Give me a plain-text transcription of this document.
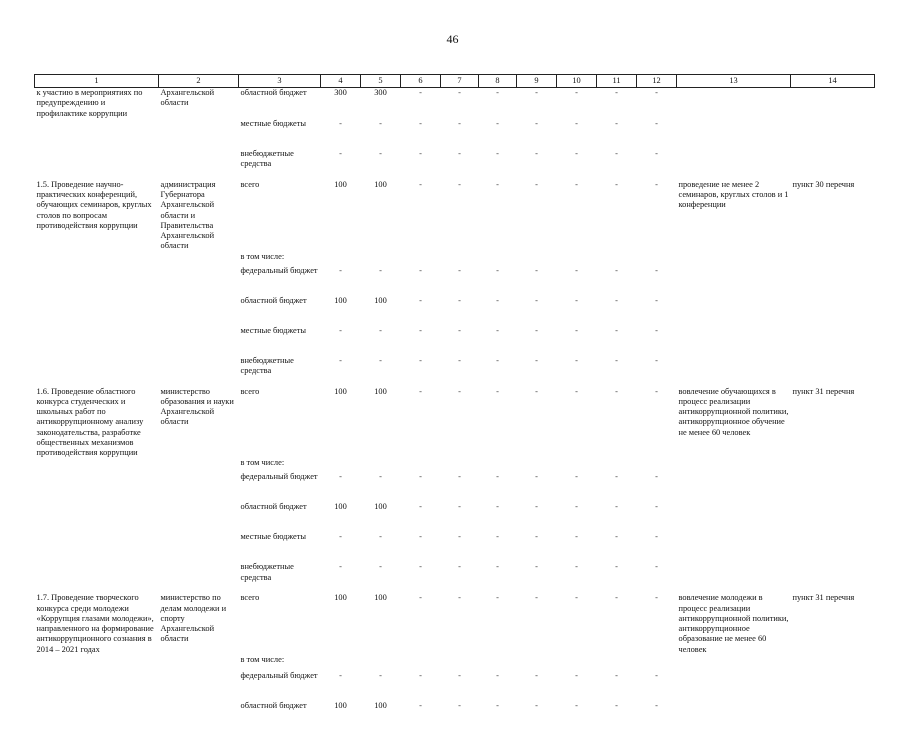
46
1	2	3	4	5	6	7	8	9	10	11	12	13	14
к участию в мероприятиях по предупреждению и профилактике коррупции	Архангельской области	областной бюджет	300	300	-	-	-	-	-	-	-		
		местные бюджеты	-	-	-	-	-	-	-	-	-		
		внебюджетные средства	-	-	-	-	-	-	-	-	-		
1.5. Проведение научно-практических конференций, обучающих семинаров, круглых столов по вопросам противодействия коррупции	администрация Губернатора Архангельской области и Правительства Архангельской области	всего	100	100	-	-	-	-	-	-	-	проведение не менее 2 семинаров, круглых столов и 1 конференции	пункт 30 перечня
		в том числе:											
		федеральный бюджет	-	-	-	-	-	-	-	-	-		
		областной бюджет	100	100	-	-	-	-	-	-	-		
		местные бюджеты	-	-	-	-	-	-	-	-	-		
		внебюджетные средства	-	-	-	-	-	-	-	-	-		
1.6. Проведение областного конкурса студенческих и школьных работ по антикоррупционному анализу законодательства, разработке общественных механизмов противодействия коррупции	министерство образования и науки Архангельской области	всего	100	100	-	-	-	-	-	-	-	вовлечение обучающихся в процесс реализации антикоррупционной политики, антикоррупционное обучение не менее 60 человек	пункт 31 перечня
		в том числе:											
		федеральный бюджет	-	-	-	-	-	-	-	-	-		
		областной бюджет	100	100	-	-	-	-	-	-	-		
		местные бюджеты	-	-	-	-	-	-	-	-	-		
		внебюджетные средства	-	-	-	-	-	-	-	-	-		
1.7. Проведение творческого конкурса среди молодежи «Коррупция глазами молодежи», направленного на формирование антикоррупционного сознания в 2014 – 2021 годах	министерство по делам молодежи и спорту Архангельской области	всего	100	100	-	-	-	-	-	-	-	вовлечение молодежи в процесс реализации антикоррупционной политики, антикоррупционное образование не менее 60 человек	пункт 31 перечня
		в том числе:											
		федеральный бюджет	-	-	-	-	-	-	-	-	-		
		областной бюджет	100	100	-	-	-	-	-	-	-		
